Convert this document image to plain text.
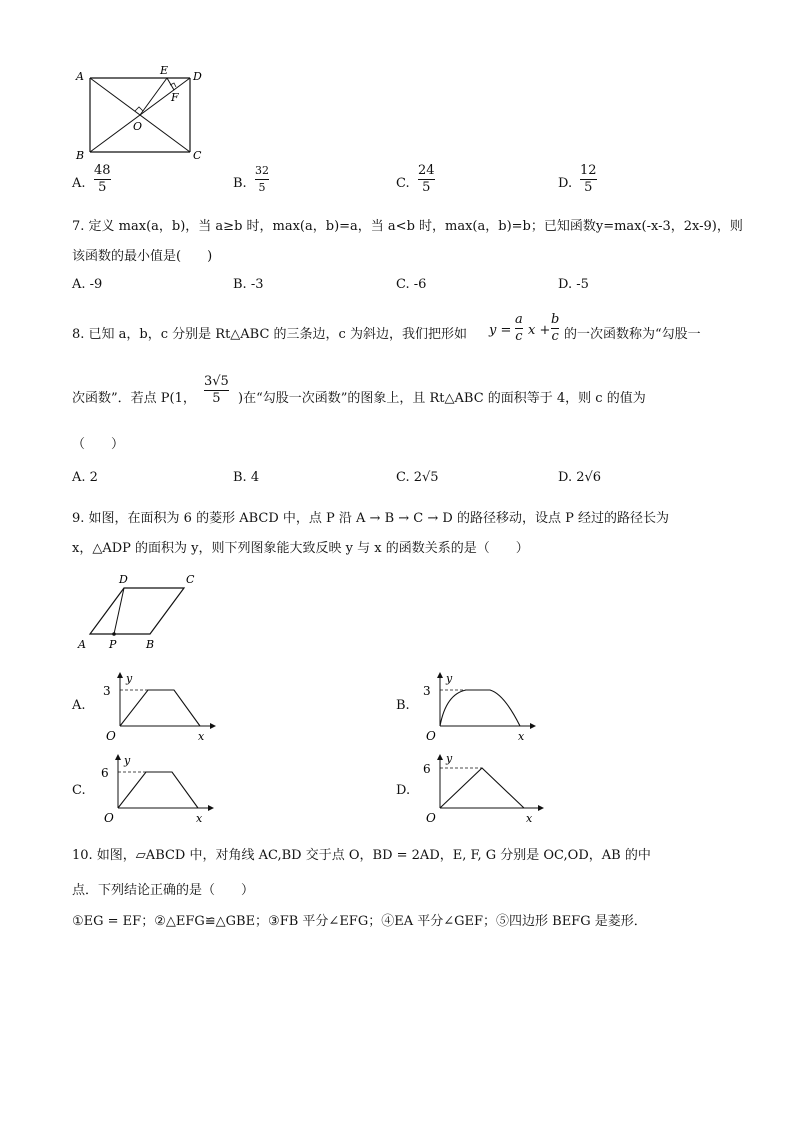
A
B	C
D
E
F
O
A.
48
5	B.
32
5	C.
24
5	D.
12
5
7. 定义 max(a，b)，当 a≥b 时，max(a，b)=a，当 a<b 时，max(a，b)=b；已知函数y=max(-x-3，2x-9)，则
该函数的最小值是(　　)
A. -9	B. -3	C. -6	D. -5
8. 已知 a，b，c 分别是 Rt△ABC 的三条边，c 为斜边，我们把形如 y =
a
c x +
b
c 的一次函数称为“勾股一
次函数”．若点 P(1，
3√5
5	)在“勾股一次函数”的图象上，且 Rt△ABC 的面积等于 4，则 c 的值为
（　　）
A. 2	B. 4	C. 2√5	D. 2√6
9. 如图，在面积为 6 的菱形 ABCD 中，点 P 沿 A → B → C → D 的路径移动，设点 P 经过的路径长为
x，△ADP 的面积为 y，则下列图象能大致反映 y 与 x 的函数关系的是（　　）
A	B
C
D
P
A.
3
y
O	x
B.
3
y
O	x
C.
6
y
O	x
D.
6
y
O	x
10. 如图，▱ABCD 中，对角线 AC,BD 交于点 O，BD = 2AD，E, F, G 分别是 OC,OD，AB 的中
点．下列结论正确的是（　　）
①EG = EF；②△EFG≌△GBE；③FB 平分∠EFG；④EA 平分∠GEF；⑤四边形 BEFG 是菱形．
